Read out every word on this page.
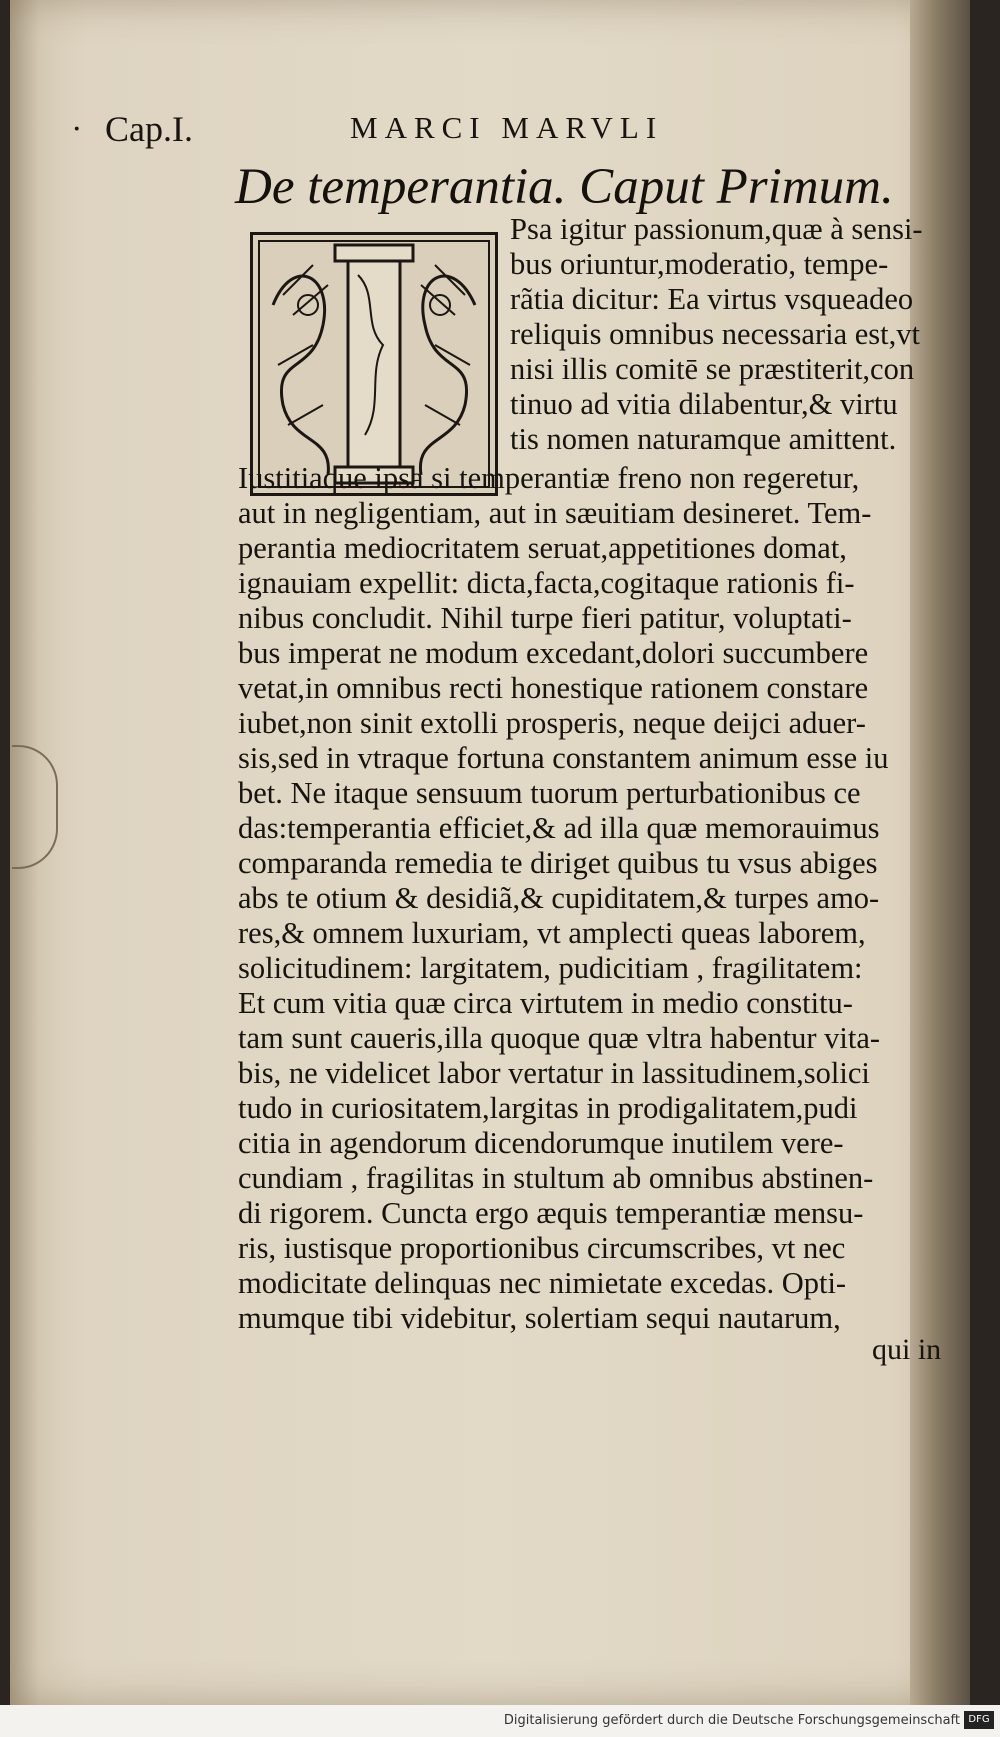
· Cap.I.	MARCI MARVLI
De temperantia. Caput Primum.
Psa igitur passionum,quæ à sensi-
bus oriuntur,moderatio, tempe-
rãtia dicitur: Ea virtus vsqueadeo
reliquis omnibus necessaria est,vt
nisi illis comitē se præstiterit,con
tinuo ad vitia dilabentur,& virtu
tis nomen naturamque amittent.
Iustitiaque ipsa si temperantiæ freno non regeretur,
aut in negligentiam, aut in sæuitiam desineret. Tem-
perantia mediocritatem seruat,appetitiones domat,
ignauiam expellit: dicta,facta,cogitaque rationis fi-
nibus concludit. Nihil turpe fieri patitur, voluptati-
bus imperat ne modum excedant,dolori succumbere
vetat,in omnibus recti honestique rationem constare
iubet,non sinit extolli prosperis, neque deijci aduer-
sis,sed in vtraque fortuna constantem animum esse iu
bet. Ne itaque sensuum tuorum perturbationibus ce
das:temperantia efficiet,& ad illa quæ memorauimus
comparanda remedia te diriget quibus tu vsus abiges
abs te otium & desidiã,& cupiditatem,& turpes amo-
res,& omnem luxuriam, vt amplecti queas laborem,
solicitudinem: largitatem, pudicitiam , fragilitatem:
Et cum vitia quæ circa virtutem in medio constitu-
tam sunt caueris,illa quoque quæ vltra habentur vita-
bis, ne videlicet labor vertatur in lassitudinem,solici
tudo in curiositatem,largitas in prodigalitatem,pudi
citia in agendorum dicendorumque inutilem vere-
cundiam , fragilitas in stultum ab omnibus abstinen-
di rigorem. Cuncta ergo æquis temperantiæ mensu-
ris, iustisque proportionibus circumscribes, vt nec
modicitate delinquas nec nimietate excedas. Opti-
mumque tibi videbitur, solertiam sequi nautarum,
qui in
Digitalisierung gefördert durch die Deutsche Forschungsgemeinschaft DFG
